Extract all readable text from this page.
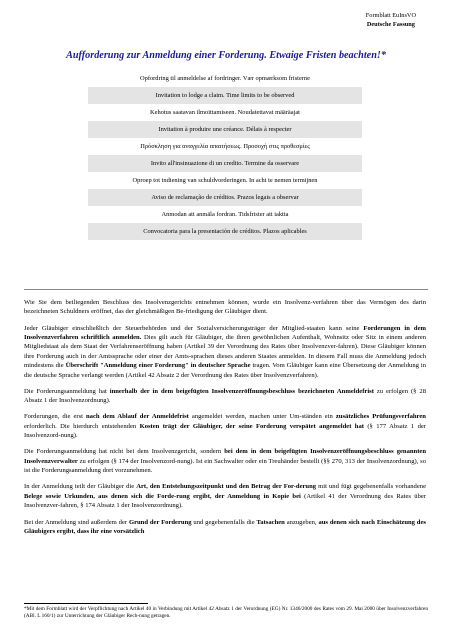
Formblatt EuInsVO
Deutsche Fassung
Aufforderung zur Anmeldung einer Forderung. Etwaige Fristen beachten!*
Opfordring til anmeldelse af fordringer. Vær opmærksom fristerne
Invitation to lodge a claim. Time limits to be observed
Kehotus saatavan ilmoittamiseen. Noudatettavat määräajat
Invitation à produire une créance. Délais à respecter
Πρόσκληση για αναγγελία απαιτήσεως. Προσοχή στις προθεσμίες
Invito all'insinuazione di un credito. Termine da osservare
Oproep tot indiening van schuldvorderingen. In acht te nemen termijnen
Aviso de reclamação de créditos. Prazos legais a observar
Anmodan att anmäla fordran. Tidsfrister att iaktta
Convocatoria para la presentación de créditos. Plazos aplicables

Wie Sie dem beiliegenden Beschluss des Insolvenzgerichts entnehmen können, wurde ein Insolvenz-verfahren über das Vermögen des darin bezeichneten Schuldners eröffnet, das der gleichmäßigen Be-friedigung der Gläubiger dient.

Jeder Gläubiger einschließlich der Steuerbehörden und der Sozialversicherungsträger der Mitglied-staaten kann seine Forderungen in dem Insolvenzverfahren schriftlich anmelden. Dies gilt auch für Gläubiger, die ihren gewöhnlichen Aufenthalt, Wohnsitz oder Sitz in einem anderen Mitgliedstaat als dem Staat der Verfahrenseröffnung haben (Artikel 39 der Verordnung des Rates über Insolvenzver-fahren). Diese Gläubiger können ihre Forderung auch in der Amtssprache oder einer der Amts-sprachen dieses anderen Staates anmelden. In diesem Fall muss die Anmeldung jedoch mindestens die Überschrift "Anmeldung einer Forderung" in deutscher Sprache tragen. Vom Gläubiger kann eine Übersetzung der Anmeldung in die deutsche Sprache verlangt werden (Artikel 42 Absatz 2 der Verordnung des Rates über Insolvenzverfahren).

Die Forderungsanmeldung hat innerhalb der in dem beigefügten Insolvenzeröffnungsbeschluss bezeichneten Anmeldefrist zu erfolgen (§ 28 Absatz 1 der Insolvenzordnung).

Forderungen, die erst nach dem Ablauf der Anmeldefrist angemeldet werden, machen unter Um-ständen ein zusätzliches Prüfungsverfahren erforderlich. Die hierdurch entstehenden Kosten trägt der Gläubiger, der seine Forderung verspätet angemeldet hat (§ 177 Absatz 1 der Insolvenzord-nung).

Die Forderungsanmeldung hat nicht bei dem Insolvenzgericht, sondern bei dem in dem beigefügten Insolvenzeröffnungsbeschluss genannten Insolvenzverwalter zu erfolgen (§ 174 der Insolvenzord-nung). Ist ein Sachwalter oder ein Treuhänder bestellt (§§ 270, 313 der Insolvenzordnung), so ist die Forderungsanmeldung dort vorzunehmen.

In der Anmeldung teilt der Gläubiger die Art, den Entstehungszeitpunkt und den Betrag der For-derung mit und fügt gegebenenfalls vorhandene Belege sowie Urkunden, aus denen sich die Forde-rung ergibt, der Anmeldung in Kopie bei (Artikel 41 der Verordnung des Rates über Insolvenzver-fahren, § 174 Absatz 1 der Insolvenzordnung).

Bei der Anmeldung sind außerdem der Grund der Forderung und gegebenenfalls die Tatsachen anzugeben, aus denen sich nach Einschätzung des Gläubigers ergibt, dass ihr eine vorsätzlich

*Mit dem Formblatt wird der Verpflichtung nach Artikel 40 in Verbindung mit Artikel 42 Absatz 1 der Verordnung (EG) Nr. 1346/2000 des Rates vom 29. Mai 2000 über Insolvenzverfahren (ABl. L 160/1) zur Unterrichtung der Gläubiger Rech-nung getragen.
